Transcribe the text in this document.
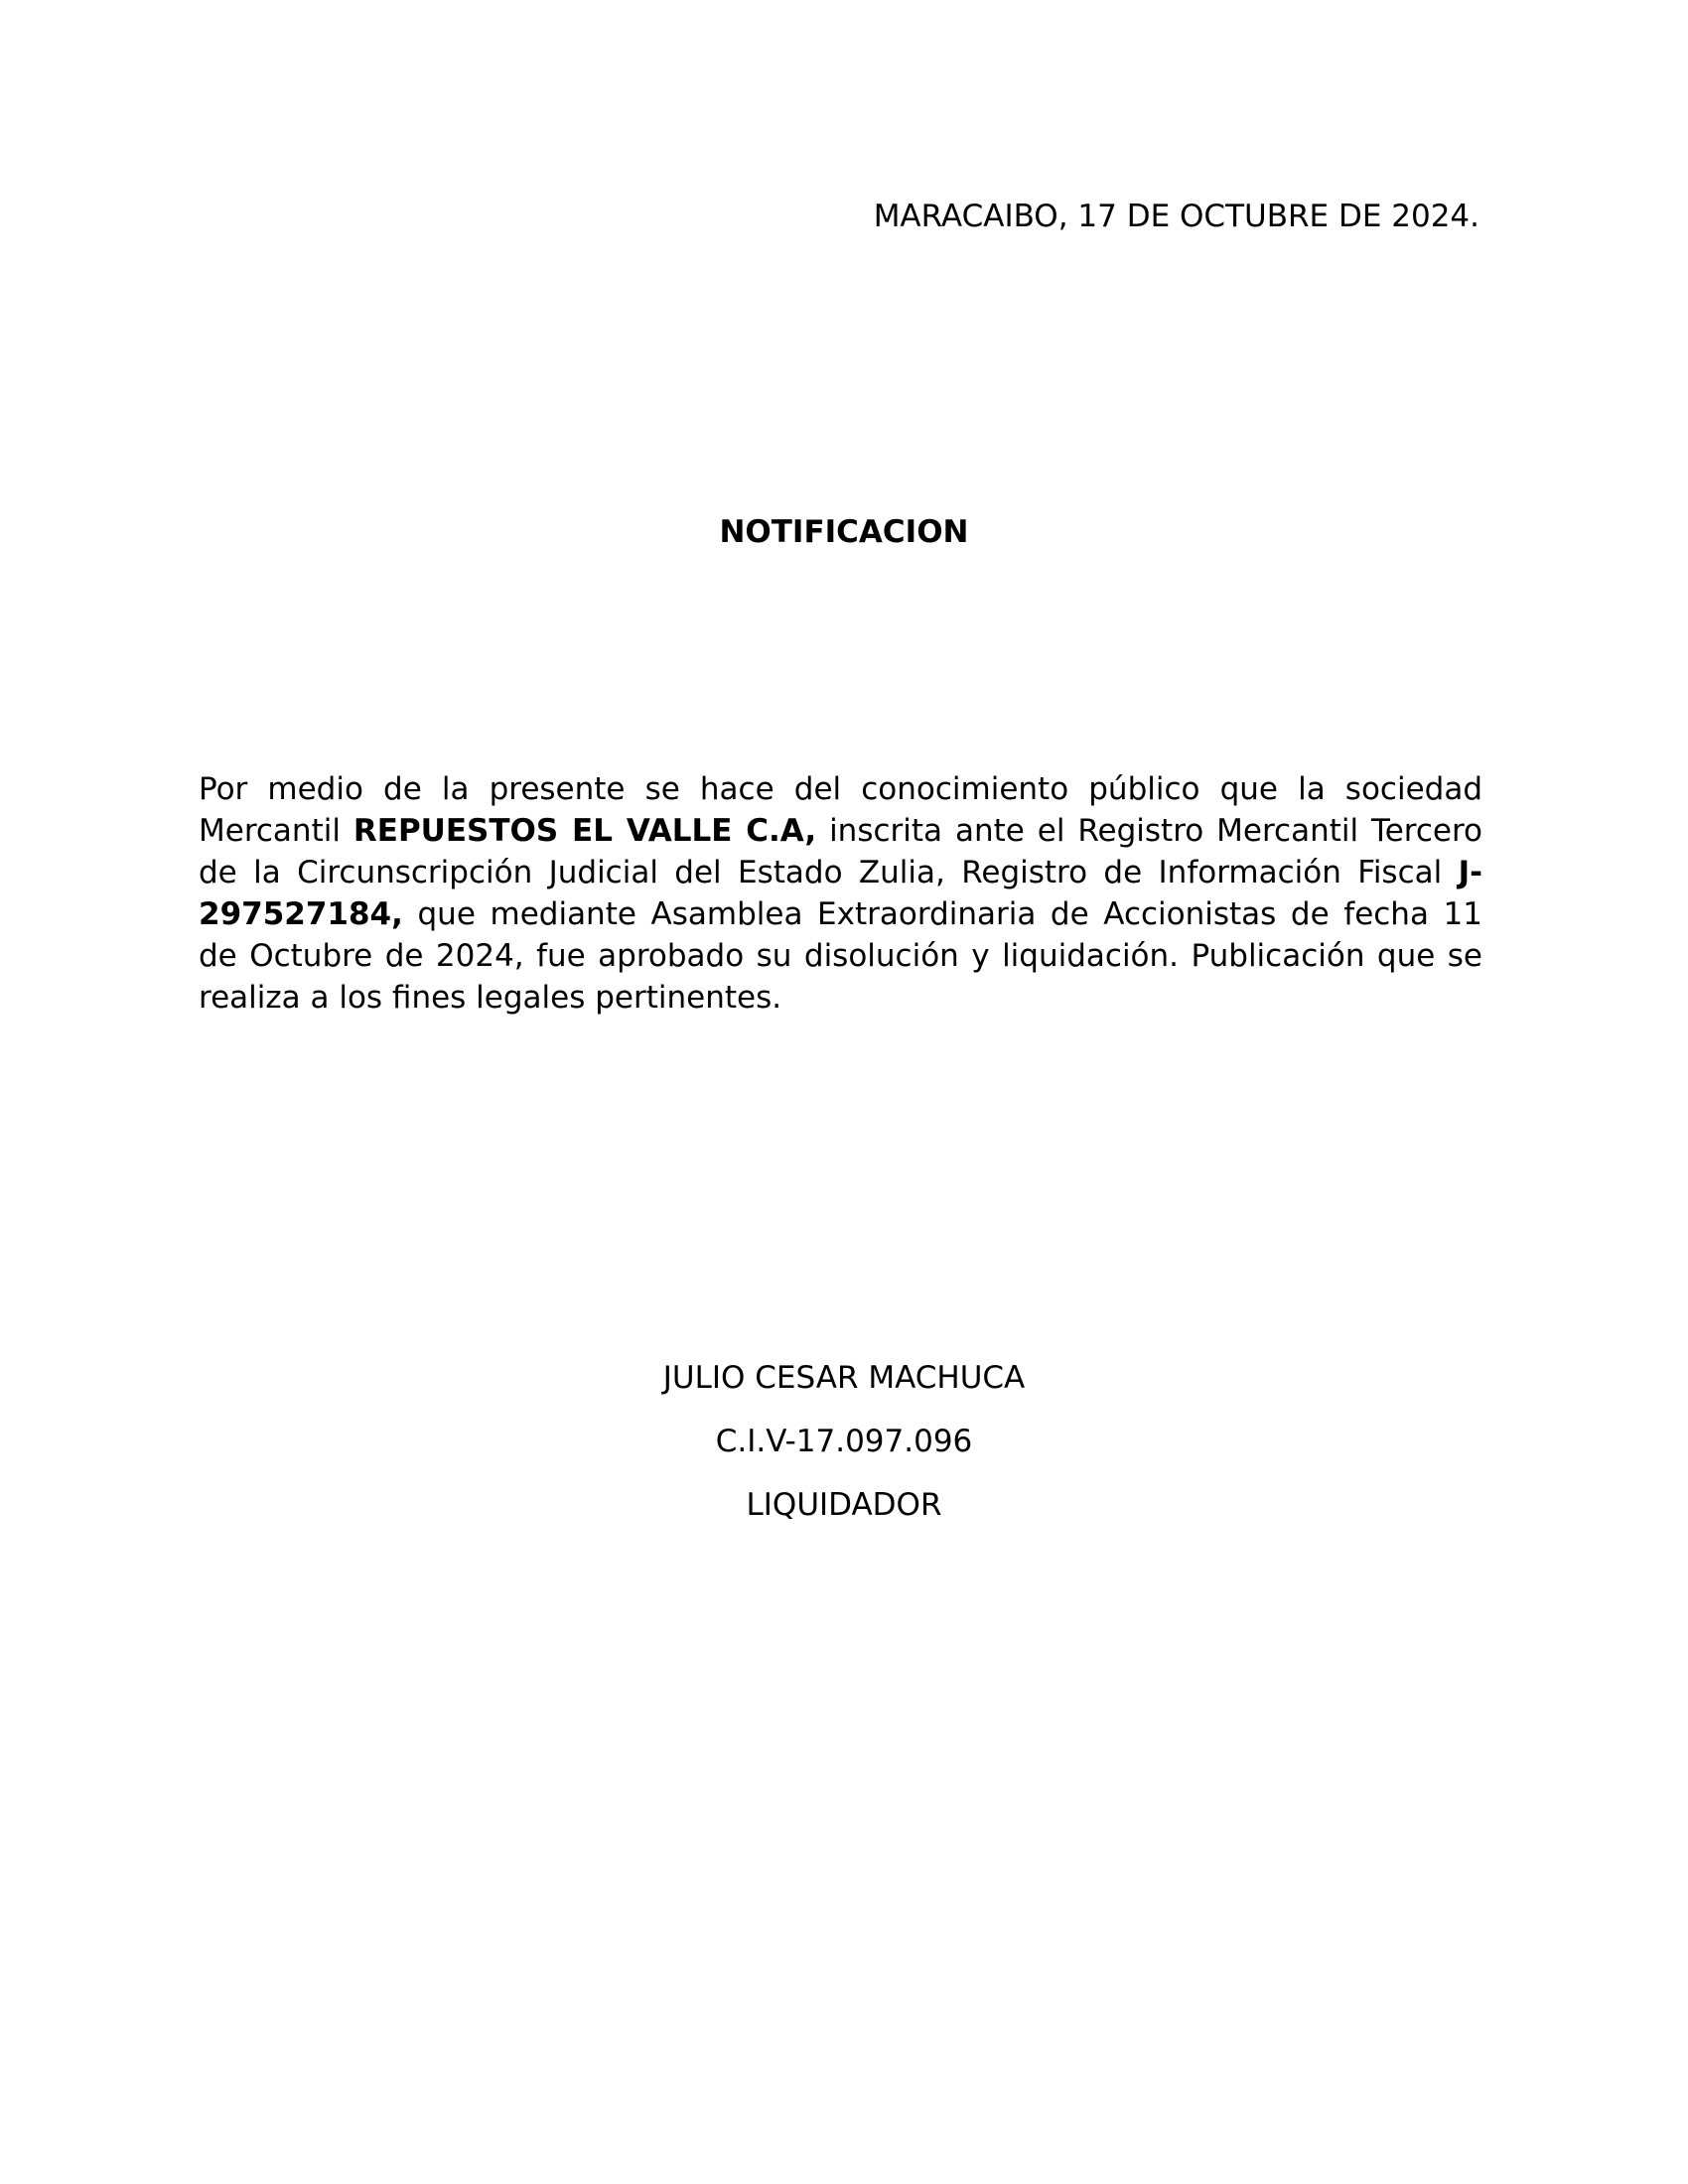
MARACAIBO, 17 DE OCTUBRE DE 2024.
NOTIFICACION

Por medio de la presente se hace del conocimiento público que la sociedad Mercantil REPUESTOS EL VALLE C.A, inscrita ante el Registro Mercantil Tercero de la Circunscripción Judicial del Estado Zulia, Registro de Información Fiscal J-297527184, que mediante Asamblea Extraordinaria de Accionistas de fecha 11 de Octubre de 2024, fue aprobado su disolución y liquidación. Publicación que se realiza a los fines legales pertinentes.

JULIO CESAR MACHUCA
C.I.V-17.097.096
LIQUIDADOR
